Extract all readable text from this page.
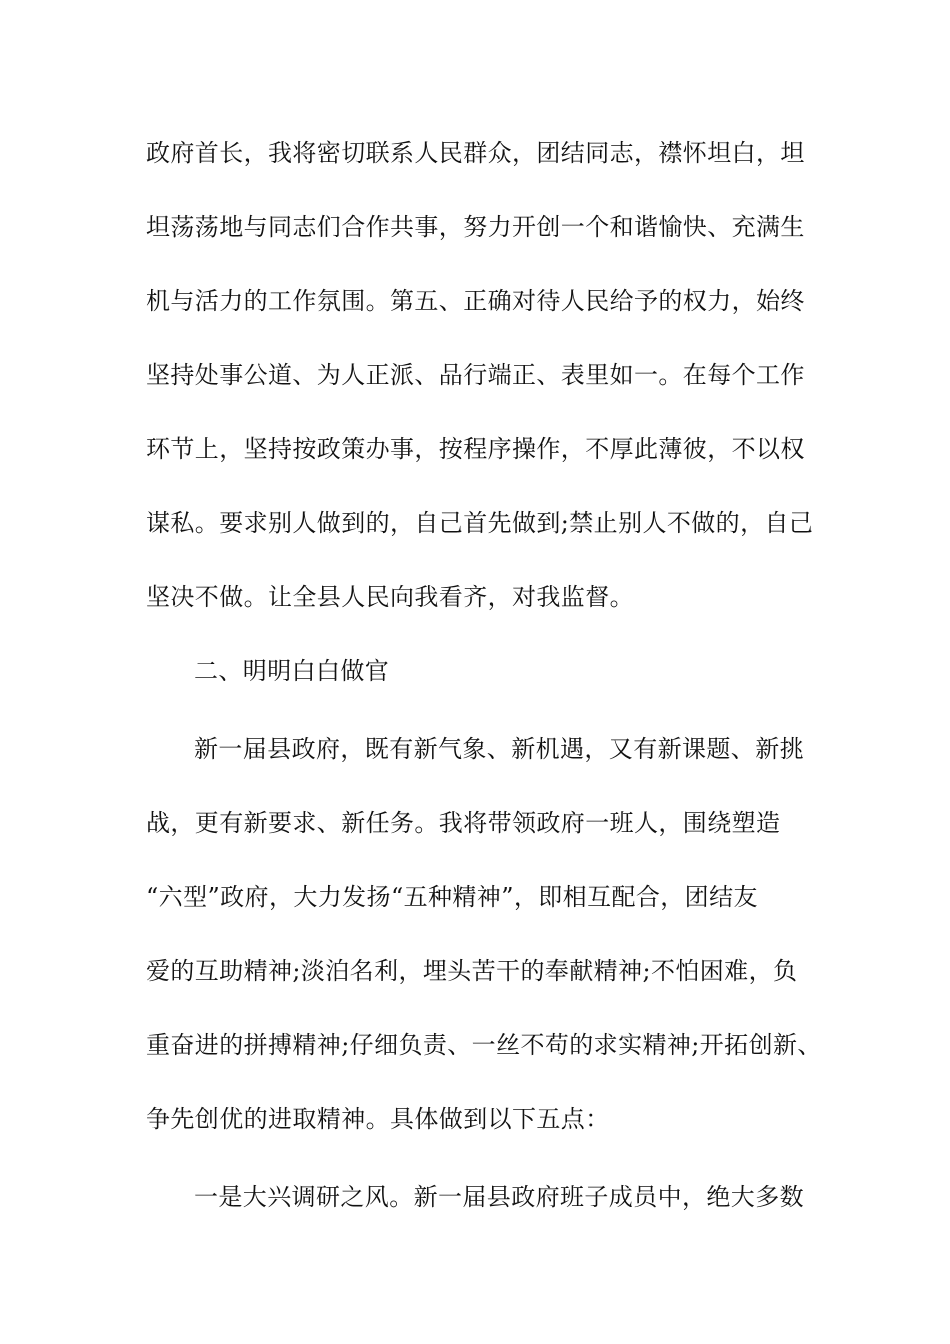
政府首长，我将密切联系人民群众，团结同志，襟怀坦白，坦
坦荡荡地与同志们合作共事，努力开创一个和谐愉快、充满生
机与活力的工作氛围。第五、正确对待人民给予的权力，始终
坚持处事公道、为人正派、品行端正、表里如一。在每个工作
环节上，坚持按政策办事，按程序操作，不厚此薄彼，不以权
谋私。要求别人做到的，自己首先做到;禁止别人不做的，自己
坚决不做。让全县人民向我看齐，对我监督。
二、明明白白做官
新一届县政府，既有新气象、新机遇，又有新课题、新挑
战，更有新要求、新任务。我将带领政府一班人，围绕塑造
“六型”政府，大力发扬“五种精神”，即相互配合，团结友
爱的互助精神;淡泊名利，埋头苦干的奉献精神;不怕困难，负
重奋进的拼搏精神;仔细负责、一丝不苟的求实精神;开拓创新、
争先创优的进取精神。具体做到以下五点：
一是大兴调研之风。新一届县政府班子成员中，绝大多数
